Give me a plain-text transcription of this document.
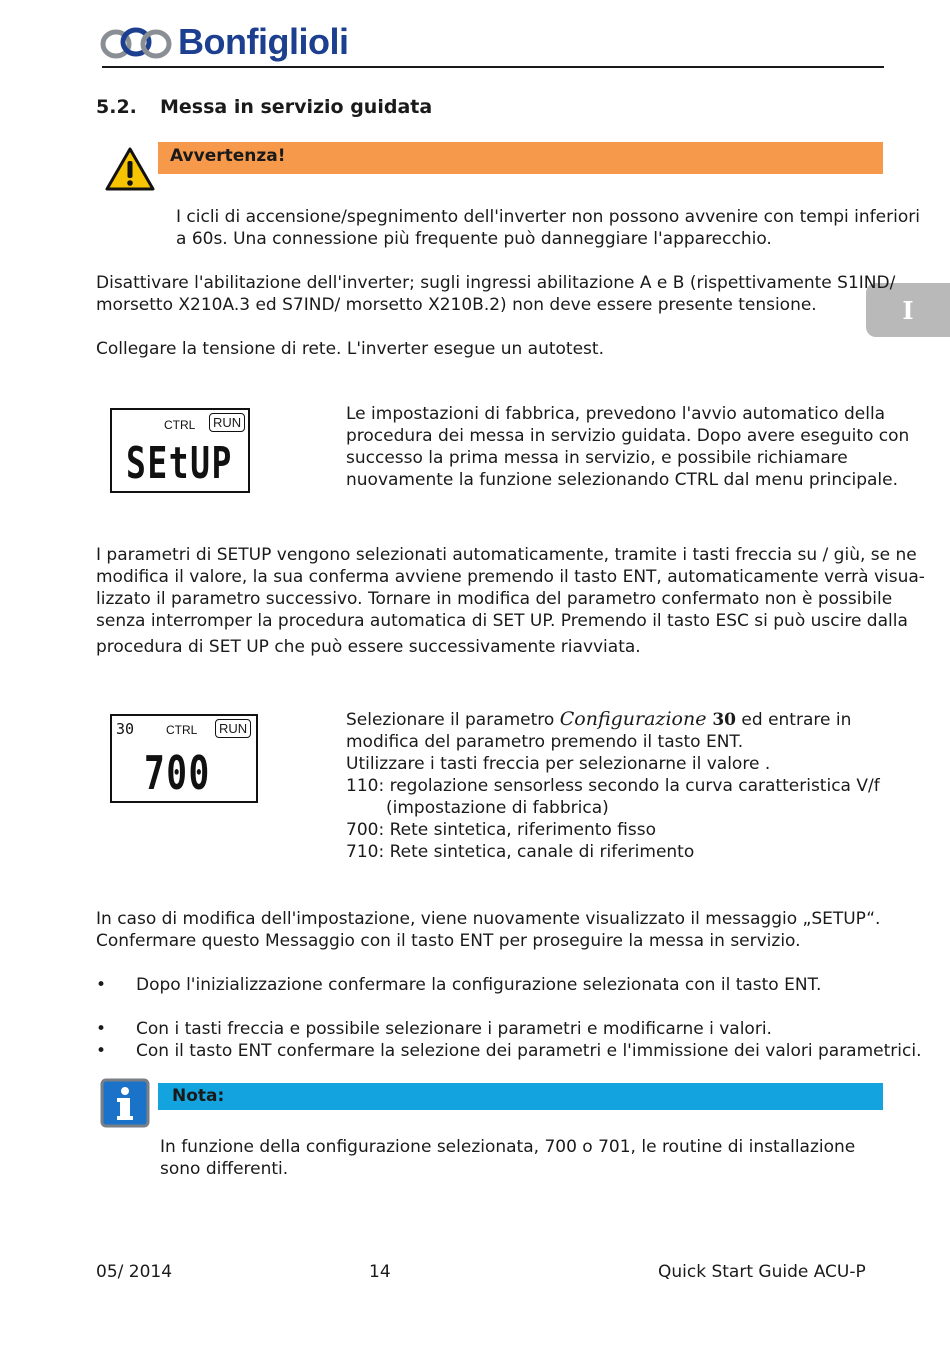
Bonfiglioli
I
5.2. Messa in servizio guidata
Avvertenza!
I cicli di accensione/spegnimento dell'inverter non possono avvenire con tempi inferiori
a 60s. Una connessione più frequente può danneggiare l'apparecchio.
Disattivare l'abilitazione dell'inverter; sugli ingressi abilitazione A e B (rispettivamente S1IND/
morsetto X210A.3 ed S7IND/ morsetto X210B.2) non deve essere presente tensione.
Collegare la tensione di rete. L'inverter esegue un autotest.
CTRL	RUN
SEtUP
Le impostazioni di fabbrica, prevedono l'avvio automatico della
procedura dei messa in servizio guidata. Dopo avere eseguito con
successo la prima messa in servizio, e possibile richiamare
nuovamente la funzione selezionando CTRL dal menu principale.
I parametri di SETUP vengono selezionati automaticamente, tramite i tasti freccia su / giù, se ne
modifica il valore, la sua conferma avviene premendo il tasto ENT, automaticamente verrà visua-
lizzato il parametro successivo. Tornare in modifica del parametro confermato non è possibile
senza interromper la procedura automatica di SET UP. Premendo il tasto ESC si può uscire dalla
procedura di SET UP che può essere successivamente riavviata.
30	CTRL	RUN
700
Selezionare il parametro Configurazione 30 ed entrare in
modifica del parametro premendo il tasto ENT.
Utilizzare i tasti freccia per selezionarne il valore .
110: regolazione sensorless secondo la curva caratteristica V/f
(impostazione di fabbrica)
700: Rete sintetica, riferimento fisso
710: Rete sintetica, canale di riferimento
In caso di modifica dell'impostazione, viene nuovamente visualizzato il messaggio „SETUP“.
Confermare questo Messaggio con il tasto ENT per proseguire la messa in servizio.
• Dopo l'inizializzazione confermare la configurazione selezionata con il tasto ENT.
• Con i tasti freccia e possibile selezionare i parametri e modificarne i valori.
• Con il tasto ENT confermare la selezione dei parametri e l'immissione dei valori parametrici.
Nota:
In funzione della configurazione selezionata, 700 o 701, le routine di installazione
sono differenti.
05/ 2014	14	Quick Start Guide ACU-P
